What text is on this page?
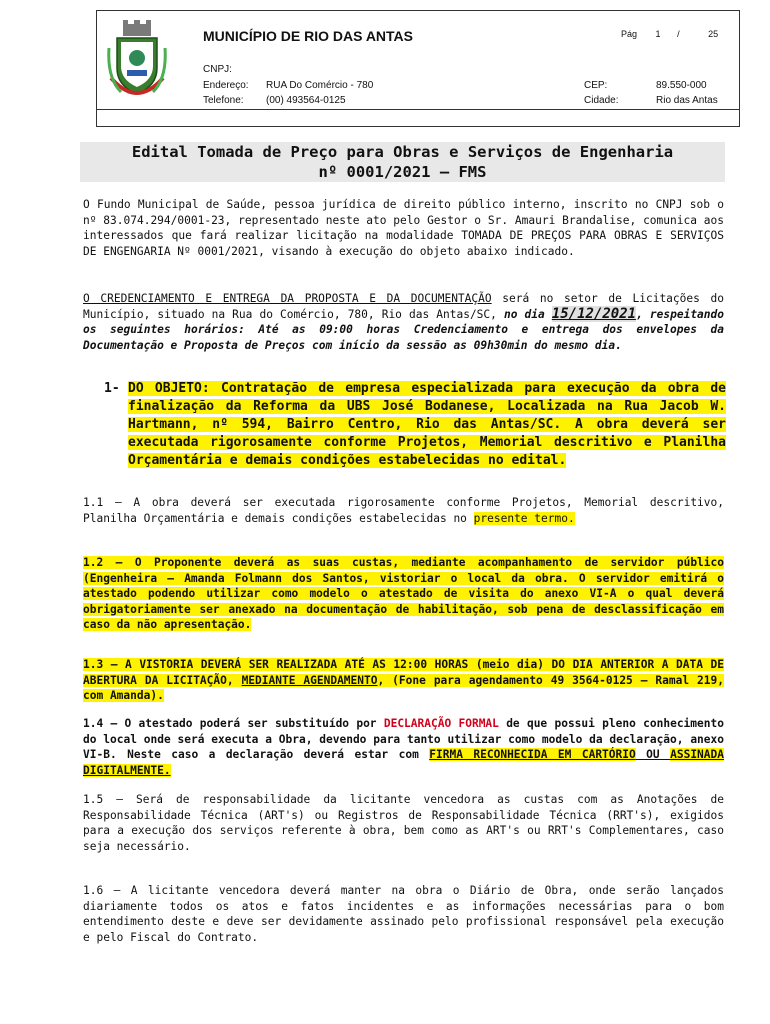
MUNICÍPIO DE RIO DAS ANTAS	Pág 1 /	25
CNPJ:
Endereço: RUA Do Comércio - 780
Telefone: (00) 493564-0125
CEP:	89.550-000
Cidade:	Rio das Antas
Edital Tomada de Preço para Obras e Serviços de Engenharia
nº 0001/2021 – FMS
O Fundo Municipal de Saúde, pessoa jurídica de direito público interno, inscrito no CNPJ sob o nº 83.074.294/0001-23, representado neste ato pelo Gestor o Sr. Amauri Brandalise, comunica aos interessados que fará realizar licitação na modalidade TOMADA DE PREÇOS PARA OBRAS E SERVIÇOS DE ENGENGARIA Nº 0001/2021, visando à execução do objeto abaixo indicado.
O CREDENCIAMENTO E ENTREGA DA PROPOSTA E DA DOCUMENTAÇÃO será no setor de Licitações do Município, situado na Rua do Comércio, 780, Rio das Antas/SC, no dia 15/12/2021, respeitando os seguintes horários: Até as 09:00 horas Credenciamento e entrega dos envelopes da Documentação e Proposta de Preços com início da sessão as 09h30min do mesmo dia.
1- DO OBJETO: Contratação de empresa especializada para execução da obra de finalização da Reforma da UBS José Bodanese, Localizada na Rua Jacob W. Hartmann, nº 594, Bairro Centro, Rio das Antas/SC. A obra deverá ser executada rigorosamente conforme Projetos, Memorial descritivo e Planilha Orçamentária e demais condições estabelecidas no edital.
1.1 – A obra deverá ser executada rigorosamente conforme Projetos, Memorial descritivo, Planilha Orçamentária e demais condições estabelecidas no presente termo.
1.2 – O Proponente deverá as suas custas, mediante acompanhamento de servidor público (Engenheira – Amanda Folmann dos Santos, vistoriar o local da obra. O servidor emitirá o atestado podendo utilizar como modelo o atestado de visita do anexo VI-A o qual deverá obrigatoriamente ser anexado na documentação de habilitação, sob pena de desclassificação em caso da não apresentação.
1.3 – A VISTORIA DEVERÁ SER REALIZADA ATÉ AS 12:00 HORAS (meio dia) DO DIA ANTERIOR A DATA DE ABERTURA DA LICITAÇÃO, MEDIANTE AGENDAMENTO, (Fone para agendamento 49 3564-0125 – Ramal 219, com Amanda).
1.4 – O atestado poderá ser substituído por DECLARAÇÃO FORMAL de que possui pleno conhecimento do local onde será executa a Obra, devendo para tanto utilizar como modelo da declaração, anexo VI-B. Neste caso a declaração deverá estar com FIRMA RECONHECIDA EM CARTÓRIO OU ASSINADA DIGITALMENTE.
1.5 – Será de responsabilidade da licitante vencedora as custas com as Anotações de Responsabilidade Técnica (ART's) ou Registros de Responsabilidade Técnica (RRT's), exigidos para a execução dos serviços referente à obra, bem como as ART's ou RRT's Complementares, caso seja necessário.
1.6 – A licitante vencedora deverá manter na obra o Diário de Obra, onde serão lançados diariamente todos os atos e fatos incidentes e as informações necessárias para o bom entendimento deste e deve ser devidamente assinado pelo profissional responsável pela execução e pelo Fiscal do Contrato.
